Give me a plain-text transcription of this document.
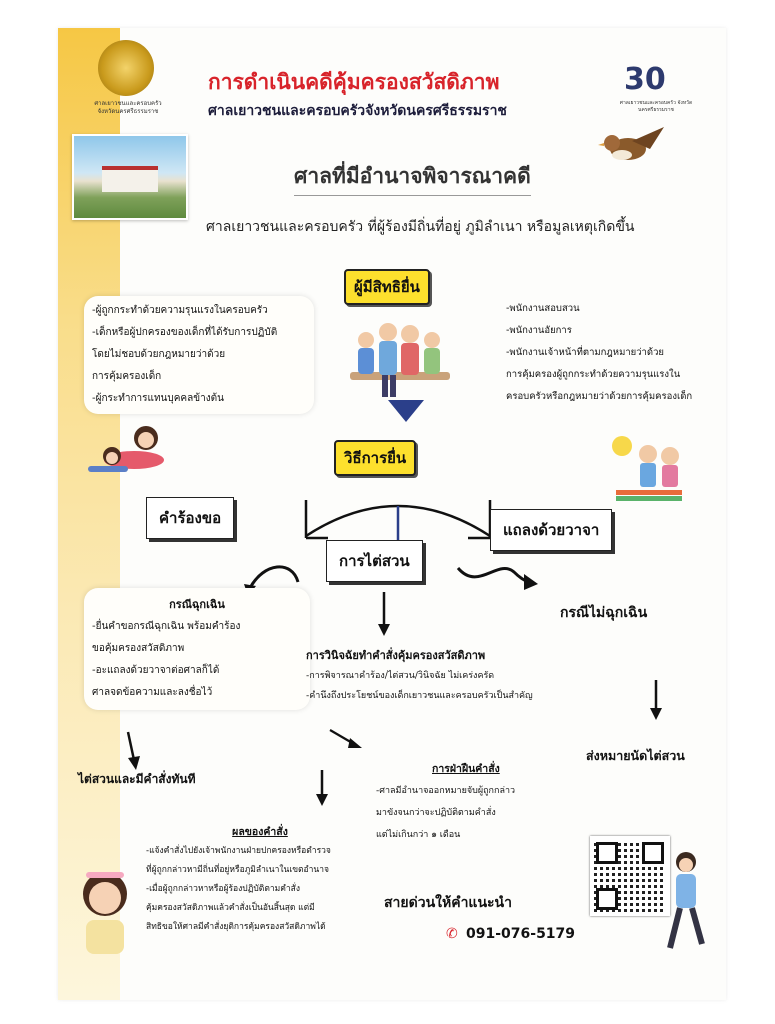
ศาลเยาวชนและครอบครัว จังหวัดนครศรีธรรมราช
การดำเนินคดีคุ้มครองสวัสดิภาพ
ศาลเยาวชนและครอบครัวจังหวัดนครศรีธรรมราช
30
ศาลเยาวชนและครอบครัว จังหวัดนครศรีธรรมราช
ศาลที่มีอำนาจพิจารณาคดี
ศาลเยาวชนและครอบครัว ที่ผู้ร้องมีถิ่นที่อยู่ ภูมิลำเนา หรือมูลเหตุเกิดขึ้น
ผู้มีสิทธิยื่น
-ผู้ถูกกระทำด้วยความรุนแรงในครอบครัว
-เด็กหรือผู้ปกครองของเด็กที่ได้รับการปฏิบัติ
โดยไม่ชอบด้วยกฎหมายว่าด้วย
การคุ้มครองเด็ก
-ผู้กระทำการแทนบุคคลข้างต้น
-พนักงานสอบสวน
-พนักงานอัยการ
-พนักงานเจ้าหน้าที่ตามกฎหมายว่าด้วย
การคุ้มครองผู้ถูกกระทำด้วยความรุนแรงใน
ครอบครัวหรือกฎหมายว่าด้วยการคุ้มครองเด็ก
วิธีการยื่น
คำร้องขอ
การไต่สวน
แถลงด้วยวาจา
กรณีฉุกเฉิน
-ยื่นคำขอกรณีฉุกเฉิน พร้อมคำร้อง
ขอคุ้มครองสวัสดิภาพ
-อะแถลงด้วยวาจาต่อศาลก็ได้
ศาลจดข้อความและลงชื่อไว้
กรณีไม่ฉุกเฉิน
การวินิจฉัยทำคำสั่งคุ้มครองสวัสดิภาพ
-การพิจารณาคำร้อง/ไต่สวน/วินิจฉัย ไม่เคร่งครัด
-คำนึงถึงประโยชน์ของเด็กเยาวชนและครอบครัวเป็นสำคัญ
ส่งหมายนัดไต่สวน
ไต่สวนและมีคำสั่งทันที
การฝ่าฝืนคำสั่ง
-ศาลมีอำนาจออกหมายจับผู้ถูกกล่าว
มาขังจนกว่าจะปฏิบัติตามคำสั่ง
แต่ไม่เกินกว่า ๑ เดือน
ผลของคำสั่ง
-แจ้งคำสั่งไปยังเจ้าพนักงานฝ่ายปกครองหรือตำรวจ
ที่ผู้ถูกกล่าวหามีถิ่นที่อยู่หรือภูมิลำเนาในเขตอำนาจ
-เมื่อผู้ถูกกล่าวหาหรือผู้ร้องปฏิบัติตามคำสั่ง
คุ้มครองสวัสดิภาพแล้วคำสั่งเป็นอันสิ้นสุด แต่มี
สิทธิขอให้ศาลมีคำสั่งยุติการคุ้มครองสวัสดิภาพได้
สายด่วนให้คำแนะนำ
✆ 091-076-5179
